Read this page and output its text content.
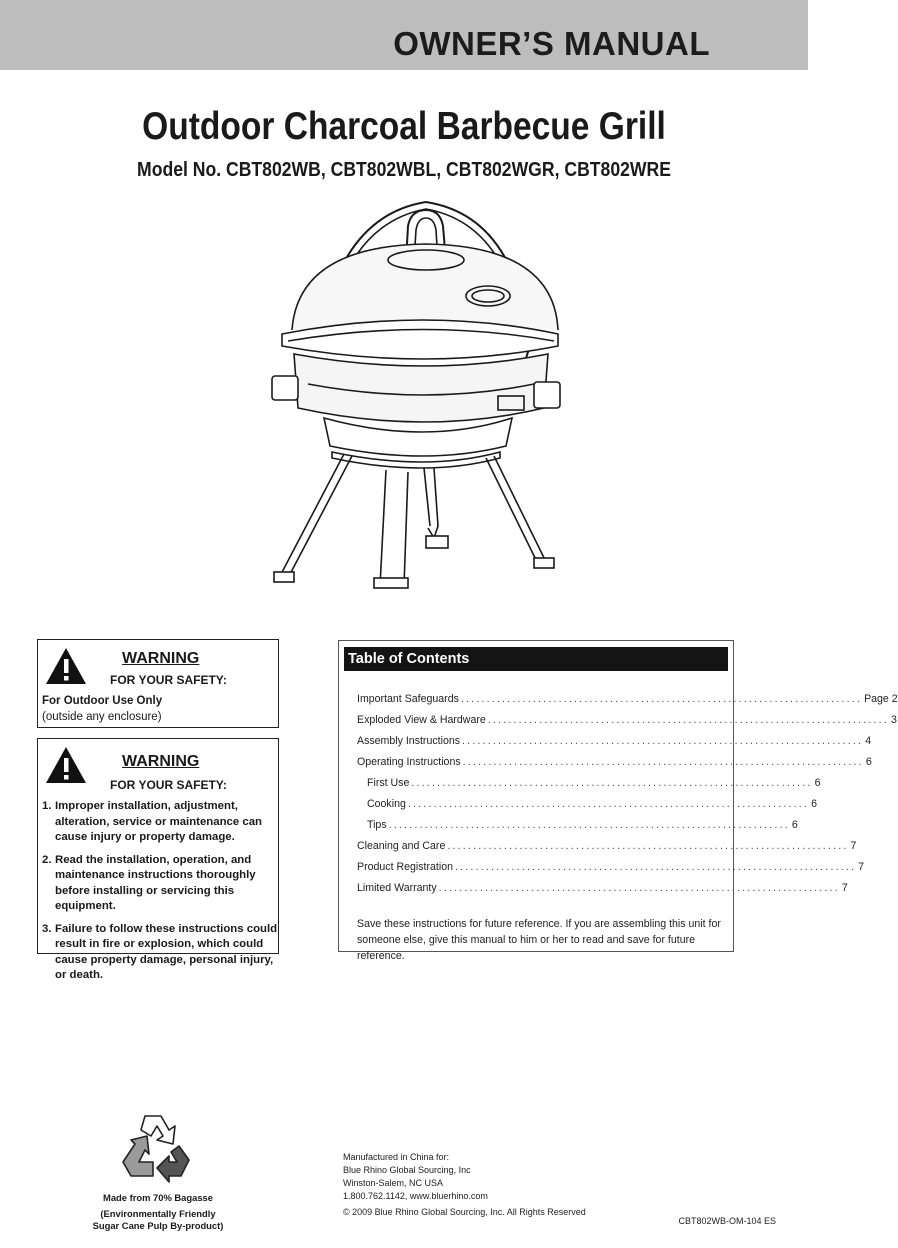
OWNER’S MANUAL
Outdoor Charcoal Barbecue Grill
Model No. CBT802WB, CBT802WBL, CBT802WGR, CBT802WRE
WARNING
FOR YOUR SAFETY:
For Outdoor Use Only
(outside any enclosure)
WARNING
FOR YOUR SAFETY:
1. Improper installation, adjustment, alteration, service or maintenance can cause injury or property damage.
2. Read the installation, operation, and maintenance instructions thoroughly before installing or servicing this equipment.
3. Failure to follow these instructions could result in fire or explosion, which could cause property damage, personal injury, or death.
Table of Contents
Important Safeguards .............................................................................. Page 2
Exploded View & Hardware .............................................................................. 3
Assembly Instructions .............................................................................. 4
Operating Instructions .............................................................................. 6
First Use .............................................................................. 6
Cooking .............................................................................. 6
Tips .............................................................................. 6
Cleaning and Care .............................................................................. 7
Product Registration .............................................................................. 7
Limited Warranty .............................................................................. 7
Save these instructions for future reference. If you are assembling this unit for someone else, give this manual to him or her to read and save for future reference.
Made from 70% Bagasse
(Environmentally Friendly Sugar Cane Pulp By-product)
Manufactured in China for:
Blue Rhino Global Sourcing, Inc
Winston-Salem, NC USA
1.800.762.1142, www.bluerhino.com
© 2009 Blue Rhino Global Sourcing, Inc. All Rights Reserved
CBT802WB-OM-104 ES
